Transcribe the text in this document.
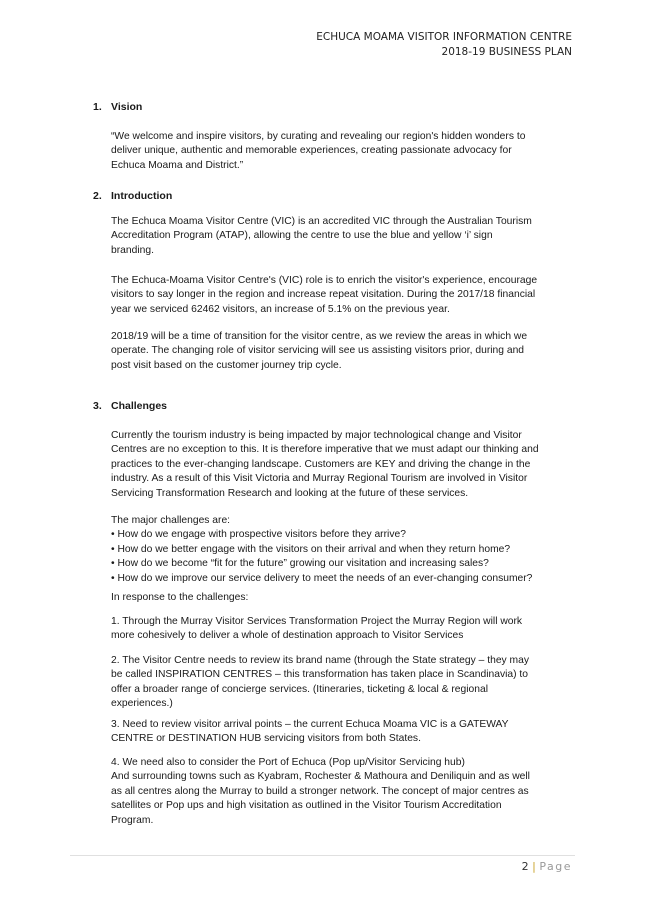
ECHUCA MOAMA VISITOR INFORMATION CENTRE
2018-19 BUSINESS PLAN
1. Vision
“We welcome and inspire visitors, by curating and revealing our region's hidden wonders to
deliver unique, authentic and memorable experiences, creating passionate advocacy for
Echuca Moama and District.”
2. Introduction
The Echuca Moama Visitor Centre (VIC) is an accredited VIC through the Australian Tourism
Accreditation Program (ATAP), allowing the centre to use the blue and yellow ‘i’ sign
branding.
The Echuca-Moama Visitor Centre's (VIC) role is to enrich the visitor's experience, encourage
visitors to say longer in the region and increase repeat visitation. During the 2017/18 financial
year we serviced 62462 visitors, an increase of 5.1% on the previous year.
2018/19 will be a time of transition for the visitor centre, as we review the areas in which we
operate. The changing role of visitor servicing will see us assisting visitors prior, during and
post visit based on the customer journey trip cycle.
3. Challenges
Currently the tourism industry is being impacted by major technological change and Visitor
Centres are no exception to this. It is therefore imperative that we must adapt our thinking and
practices to the ever-changing landscape. Customers are KEY and driving the change in the
industry. As a result of this Visit Victoria and Murray Regional Tourism are involved in Visitor
Servicing Transformation Research and looking at the future of these services.
The major challenges are:
• How do we engage with prospective visitors before they arrive?
• How do we better engage with the visitors on their arrival and when they return home?
• How do we become “fit for the future” growing our visitation and increasing sales?
• How do we improve our service delivery to meet the needs of an ever-changing consumer?
In response to the challenges:
1. Through the Murray Visitor Services Transformation Project the Murray Region will work
more cohesively to deliver a whole of destination approach to Visitor Services
2. The Visitor Centre needs to review its brand name (through the State strategy – they may
be called INSPIRATION CENTRES – this transformation has taken place in Scandinavia) to
offer a broader range of concierge services. (Itineraries, ticketing & local & regional
experiences.)
3. Need to review visitor arrival points – the current Echuca Moama VIC is a GATEWAY
CENTRE or DESTINATION HUB servicing visitors from both States.
4. We need also to consider the Port of Echuca (Pop up/Visitor Servicing hub)
And surrounding towns such as Kyabram, Rochester & Mathoura and Deniliquin and as well
as all centres along the Murray to build a stronger network. The concept of major centres as
satellites or Pop ups and high visitation as outlined in the Visitor Tourism Accreditation
Program.
2 | Page
